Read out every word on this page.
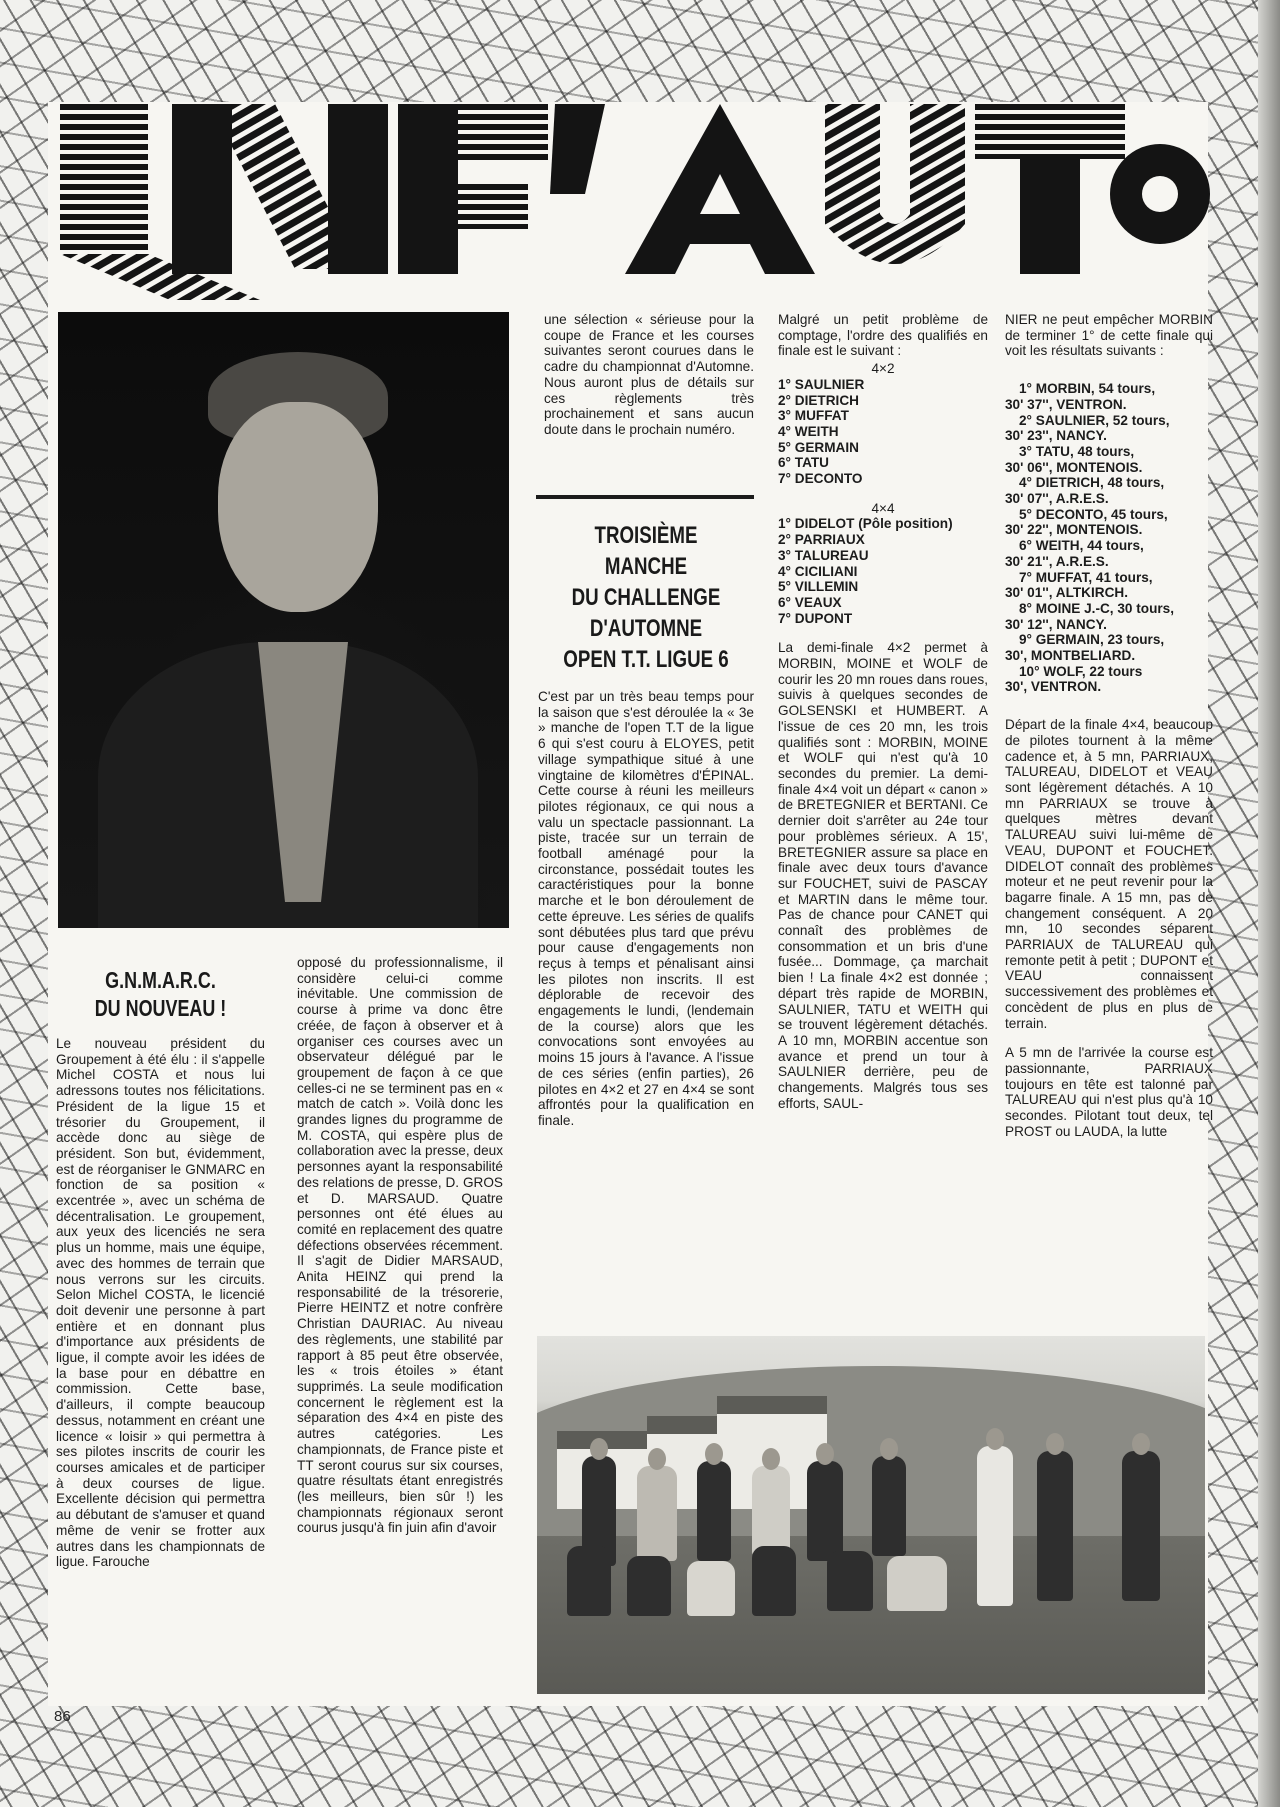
G.N.M.A.R.C.
DU NOUVEAU !

Le nouveau président du Groupement à été élu : il s'appelle Michel COSTA et nous lui adressons toutes nos félicitations. Président de la ligue 15 et trésorier du Groupement, il accède donc au siège de président. Son but, évidemment, est de réorganiser le GNMARC en fonction de sa position « excentrée », avec un schéma de décentralisation. Le groupement, aux yeux des licenciés ne sera plus un homme, mais une équipe, avec des hommes de terrain que nous verrons sur les circuits. Selon Michel COSTA, le licencié doit devenir une personne à part entière et en donnant plus d'importance aux présidents de ligue, il compte avoir les idées de la base pour en débattre en commission. Cette base, d'ailleurs, il compte beaucoup dessus, notamment en créant une licence « loisir » qui permettra à ses pilotes inscrits de courir les courses amicales et de participer à deux courses de ligue. Excellente décision qui permettra au débutant de s'amuser et quand même de venir se frotter aux autres dans les championnats de ligue. Farouche

opposé du professionnalisme, il considère celui-ci comme inévitable. Une commission de course à prime va donc être créée, de façon à observer et à organiser ces courses avec un observateur délégué par le groupement de façon à ce que celles-ci ne se terminent pas en « match de catch ». Voilà donc les grandes lignes du programme de M. COSTA, qui espère plus de collaboration avec la presse, deux personnes ayant la responsabilité des relations de presse, D. GROS et D. MARSAUD. Quatre personnes ont été élues au comité en replacement des quatre défections observées récemment. Il s'agit de Didier MARSAUD, Anita HEINZ qui prend la responsabilité de la trésorerie, Pierre HEINTZ et notre confrère Christian DAURIAC. Au niveau des règlements, une stabilité par rapport à 85 peut être observée, les « trois étoiles » étant supprimés. La seule modification concernent le règlement est la séparation des 4×4 en piste des autres catégories. Les championnats, de France piste et TT seront courus sur six courses, quatre résultats étant enregistrés (les meilleurs, bien sûr !) les championnats régionaux seront courus jusqu'à fin juin afin d'avoir

une sélection « sérieuse pour la coupe de France et les courses suivantes seront courues dans le cadre du championnat d'Automne. Nous auront plus de détails sur ces règlements très prochainement et sans aucun doute dans le prochain numéro.

TROISIÈME MANCHE
DU CHALLENGE
D'AUTOMNE
OPEN T.T. LIGUE 6

C'est par un très beau temps pour la saison que s'est déroulée la « 3e » manche de l'open T.T de la ligue 6 qui s'est couru à ELOYES, petit village sympathique situé à une vingtaine de kilomètres d'ÉPINAL. Cette course à réuni les meilleurs pilotes régionaux, ce qui nous a valu un spectacle passionnant. La piste, tracée sur un terrain de football aménagé pour la circonstance, possédait toutes les caractéristiques pour la bonne marche et le bon déroulement de cette épreuve. Les séries de qualifs sont débutées plus tard que prévu pour cause d'engagements non reçus à temps et pénalisant ainsi les pilotes non inscrits. Il est déplorable de recevoir des engagements le lundi, (lendemain de la course) alors que les convocations sont envoyées au moins 15 jours à l'avance. A l'issue de ces séries (enfin parties), 26 pilotes en 4×2 et 27 en 4×4 se sont affrontés pour la qualification en finale.

Malgré un petit problème de comptage, l'ordre des qualifiés en finale est le suivant :

4×2
1° SAULNIER
2° DIETRICH
3° MUFFAT
4° WEITH
5° GERMAIN
6° TATU
7° DECONTO
4×4
1° DIDELOT (Pôle position)
2° PARRIAUX
3° TALUREAU
4° CICILIANI
5° VILLEMIN
6° VEAUX
7° DUPONT

La demi-finale 4×2 permet à MORBIN, MOINE et WOLF de courir les 20 mn roues dans roues, suivis à quelques secondes de GOLSENSKI et HUMBERT. A l'issue de ces 20 mn, les trois qualifiés sont : MORBIN, MOINE et WOLF qui n'est qu'à 10 secondes du premier. La demi-finale 4×4 voit un départ « canon » de BRETEGNIER et BERTANI. Ce dernier doit s'arrêter au 24e tour pour problèmes sérieux. A 15', BRETEGNIER assure sa place en finale avec deux tours d'avance sur FOUCHET, suivi de PASCAY et MARTIN dans le même tour. Pas de chance pour CANET qui connaît des problèmes de consommation et un bris d'une fusée... Dommage, ça marchait bien ! La finale 4×2 est donnée ; départ très rapide de MORBIN, SAULNIER, TATU et WEITH qui se trouvent légèrement détachés. A 10 mn, MORBIN accentue son avance et prend un tour à SAULNIER derrière, peu de changements. Malgrés tous ses efforts, SAUL-

NIER ne peut empêcher MORBIN de terminer 1° de cette finale qui voit les résultats suivants :

1° MORBIN, 54 tours,
30' 37'', VENTRON.
2° SAULNIER, 52 tours,
30' 23'', NANCY.
3° TATU, 48 tours,
30' 06'', MONTENOIS.
4° DIETRICH, 48 tours,
30' 07'', A.R.E.S.
5° DECONTO, 45 tours,
30' 22'', MONTENOIS.
6° WEITH, 44 tours,
30' 21'', A.R.E.S.
7° MUFFAT, 41 tours,
30' 01'', ALTKIRCH.
8° MOINE J.-C, 30 tours,
30' 12'', NANCY.
9° GERMAIN, 23 tours,
30', MONTBELIARD.
10° WOLF, 22 tours
30', VENTRON.

Départ de la finale 4×4, beaucoup de pilotes tournent à la même cadence et, à 5 mn, PARRIAUX, TALUREAU, DIDELOT et VEAU sont légèrement détachés. A 10 mn PARRIAUX se trouve à quelques mètres devant TALUREAU suivi lui-même de VEAU, DUPONT et FOUCHET. DIDELOT connaît des problèmes moteur et ne peut revenir pour la bagarre finale. A 15 mn, pas de changement conséquent. A 20 mn, 10 secondes séparent PARRIAUX de TALUREAU qui remonte petit à petit ; DUPONT et VEAU connaissent successivement des problèmes et concèdent de plus en plus de terrain.

A 5 mn de l'arrivée la course est passionnante, PARRIAUX toujours en tête est talonné par TALUREAU qui n'est plus qu'à 10 secondes. Pilotant tout deux, tel PROST ou LAUDA, la lutte

86
